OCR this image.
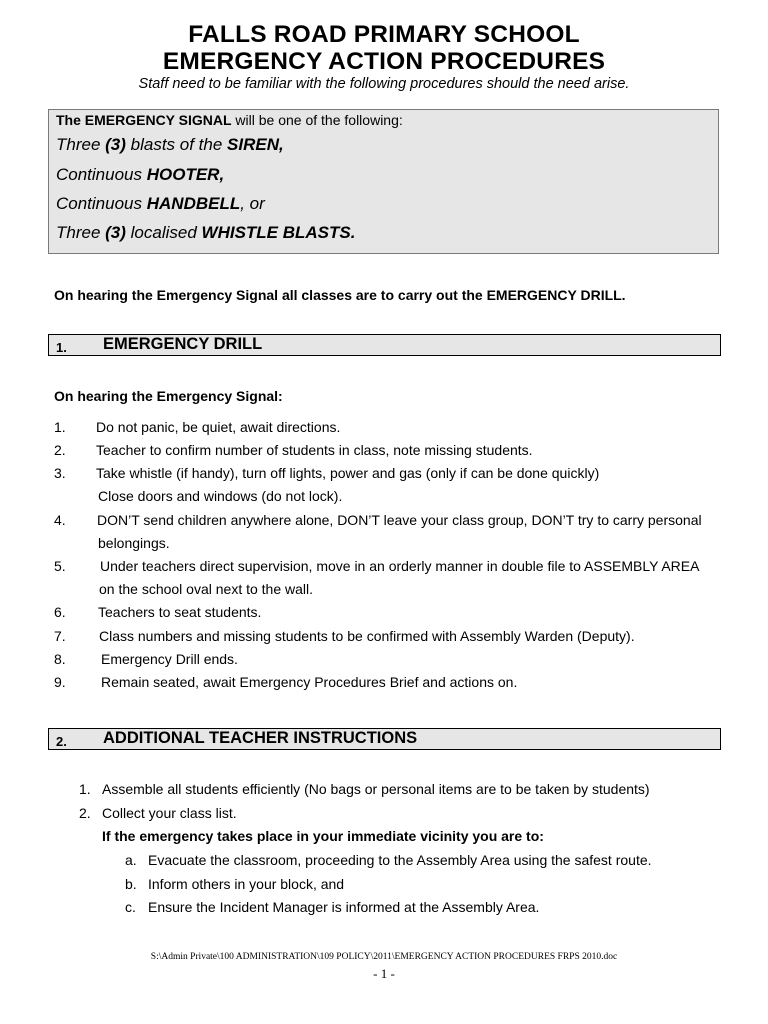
FALLS ROAD PRIMARY SCHOOL
EMERGENCY ACTION PROCEDURES
Staff need to be familiar with the following procedures should the need arise.
The EMERGENCY SIGNAL will be one of the following:
Three (3) blasts of the SIREN,
Continuous HOOTER,
Continuous HANDBELL, or
Three (3) localised WHISTLE BLASTS.
On hearing the Emergency Signal all classes are to carry out the EMERGENCY DRILL.
1. EMERGENCY DRILL
On hearing the Emergency Signal:
1. Do not panic, be quiet, await directions.
2. Teacher to confirm number of students in class, note missing students.
3. Take whistle (if handy), turn off lights, power and gas (only if can be done quickly)
Close doors and windows (do not lock).
4. DON’T send children anywhere alone, DON’T leave your class group, DON’T try to carry personal
belongings.
5. Under teachers direct supervision, move in an orderly manner in double file to ASSEMBLY AREA
on the school oval next to the wall.
6. Teachers to seat students.
7. Class numbers and missing students to be confirmed with Assembly Warden (Deputy).
8.	Emergency Drill ends.
9.	Remain seated, await Emergency Procedures Brief and actions on.
2. ADDITIONAL TEACHER INSTRUCTIONS
1. Assemble all students efficiently (No bags or personal items are to be taken by students)
2. Collect your class list.
If the emergency takes place in your immediate vicinity you are to:
a. Evacuate the classroom, proceeding to the Assembly Area using the safest route.
b. Inform others in your block, and
c. Ensure the Incident Manager is informed at the Assembly Area.
S:\Admin Private\100 ADMINISTRATION\109 POLICY\2011\EMERGENCY ACTION PROCEDURES FRPS 2010.doc
- 1 -
